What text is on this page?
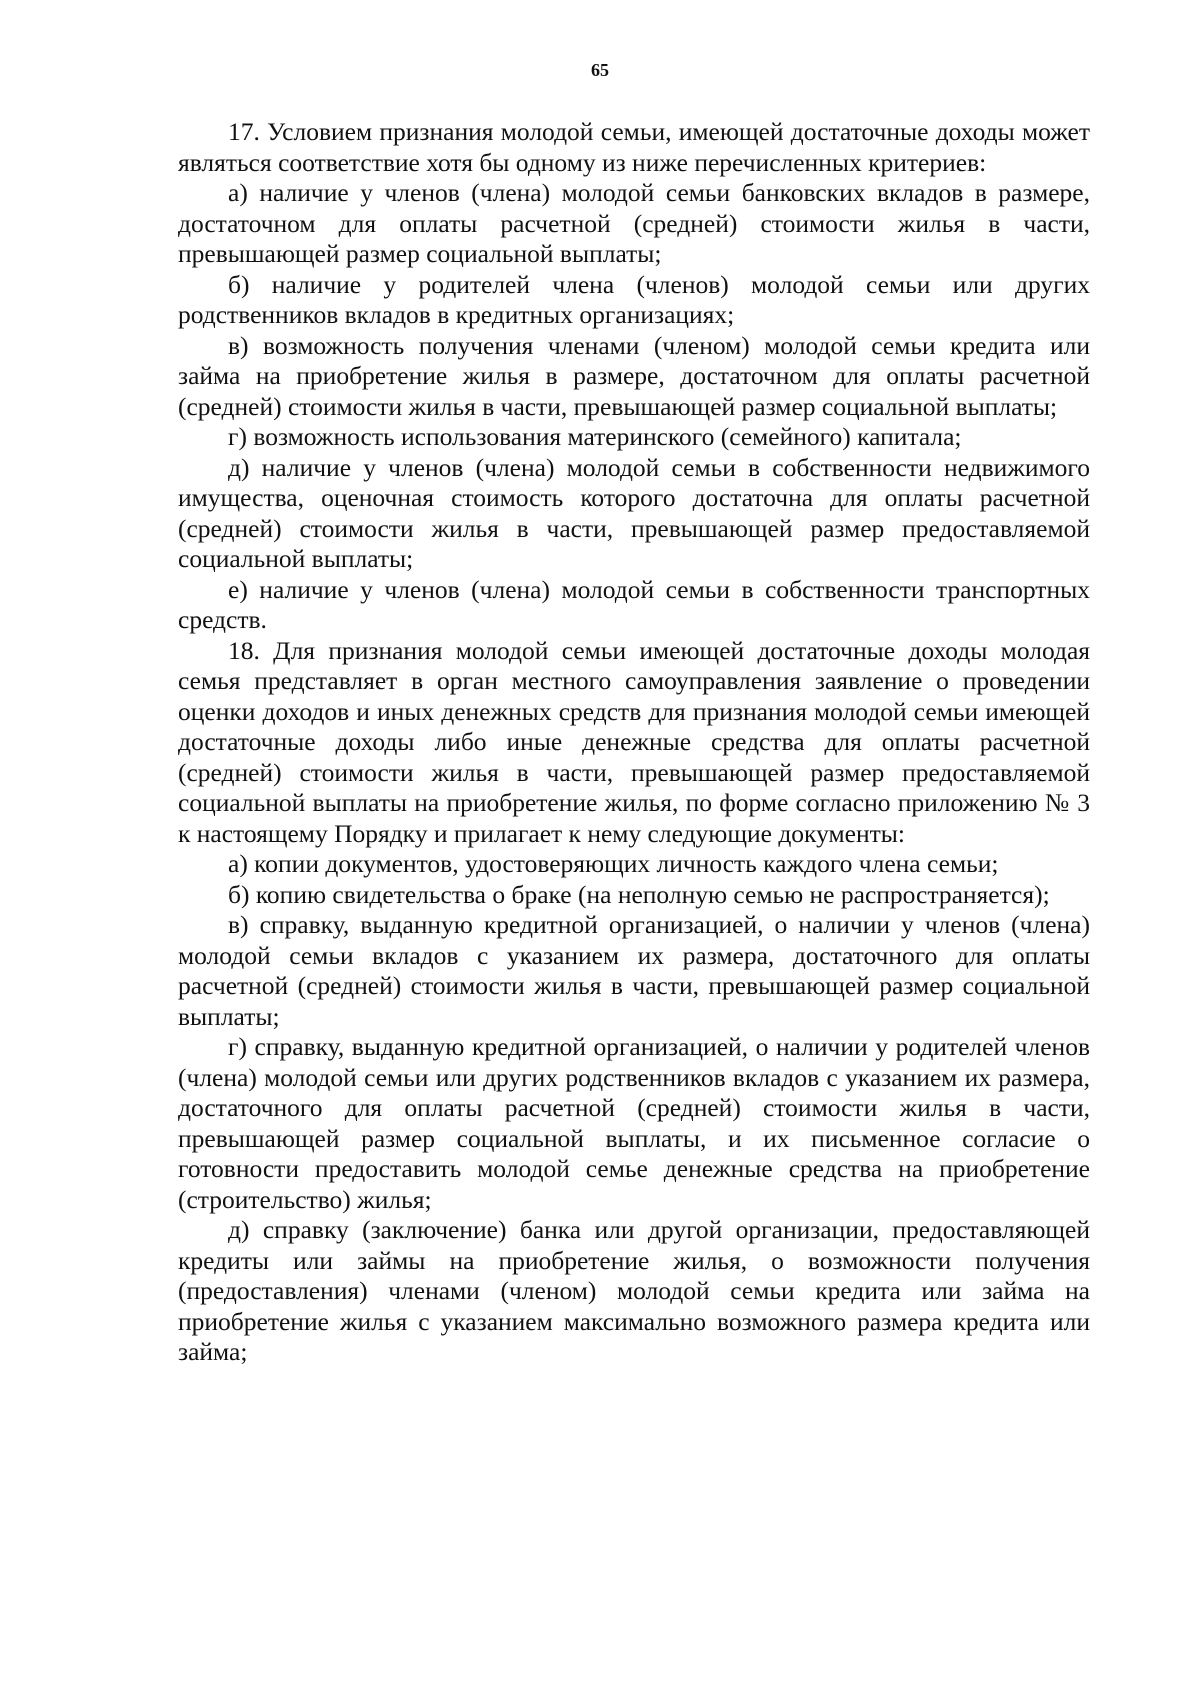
65

17. Условием признания молодой семьи, имеющей достаточные доходы может являться соответствие хотя бы одному из ниже перечисленных критериев:

а) наличие у членов (члена) молодой семьи банковских вкладов в размере, достаточном для оплаты расчетной (средней) стоимости жилья в части, превышающей размер социальной выплаты;

б) наличие у родителей члена (членов) молодой семьи или других родственников вкладов в кредитных организациях;

в) возможность получения членами (членом) молодой семьи кредита или займа на приобретение жилья в размере, достаточном для оплаты расчетной (средней) стоимости жилья в части, превышающей размер социальной выплаты;

г) возможность использования материнского (семейного) капитала;

д) наличие у членов (члена) молодой семьи в собственности недвижимого имущества, оценочная стоимость которого достаточна для оплаты расчетной (средней) стоимости жилья в части, превышающей размер предоставляемой социальной выплаты;

е) наличие у членов (члена) молодой семьи в собственности транспортных средств.

18. Для признания молодой семьи имеющей достаточные доходы молодая семья представляет в орган местного самоуправления заявление о проведении оценки доходов и иных денежных средств для признания молодой семьи имеющей достаточные доходы либо иные денежные средства для оплаты расчетной (средней) стоимости жилья в части, превышающей размер предоставляемой социальной выплаты на приобретение жилья, по форме согласно приложению № 3 к настоящему Порядку и прилагает к нему следующие документы:

а) копии документов, удостоверяющих личность каждого члена семьи;

б) копию свидетельства о браке (на неполную семью не распространяется);

в) справку, выданную кредитной организацией, о наличии у членов (члена) молодой семьи вкладов с указанием их размера, достаточного для оплаты расчетной (средней) стоимости жилья в части, превышающей размер социальной выплаты;

г) справку, выданную кредитной организацией, о наличии у родителей членов (члена) молодой семьи или других родственников вкладов с указанием их размера, достаточного для оплаты расчетной (средней) стоимости жилья в части, превышающей размер социальной выплаты, и их письменное согласие о готовности предоставить молодой семье денежные средства на приобретение (строительство) жилья;

д) справку (заключение) банка или другой организации, предоставляющей кредиты или займы на приобретение жилья, о возможности получения (предоставления) членами (членом) молодой семьи кредита или займа на приобретение жилья с указанием максимально возможного размера кредита или займа;
